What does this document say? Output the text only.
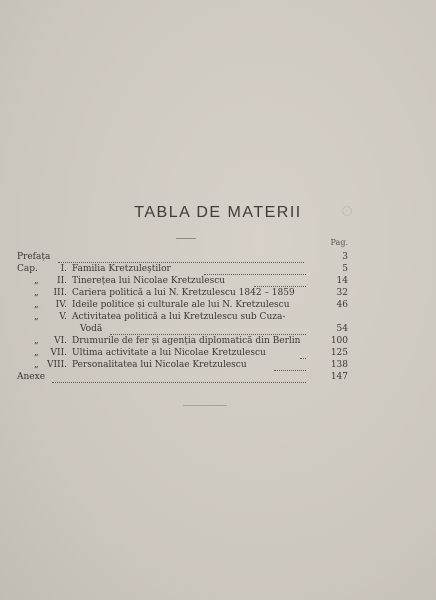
TABLA DE MATERII
Pag.
Prefața	3
Cap.	I. Familia Kretzuleștilor	5
„	II. Tinerețea lui Nicolae Kretzulescu	14
„	III. Cariera politică a lui N. Kretzulescu 1842 – 1859	32
„	IV. Ideile politice și culturale ale lui N. Kretzulescu	46
„	V. Activitatea politică a lui Kretzulescu sub Cuza-
Vodă	54
„	VI. Drumurile de fer și agenția diplomatică din Berlin	100
„	VII. Ultima activitate a lui Nicolae Kretzulescu	125
„ VIII. Personalitatea lui Nicolae Kretzulescu	138
Anexe	147
